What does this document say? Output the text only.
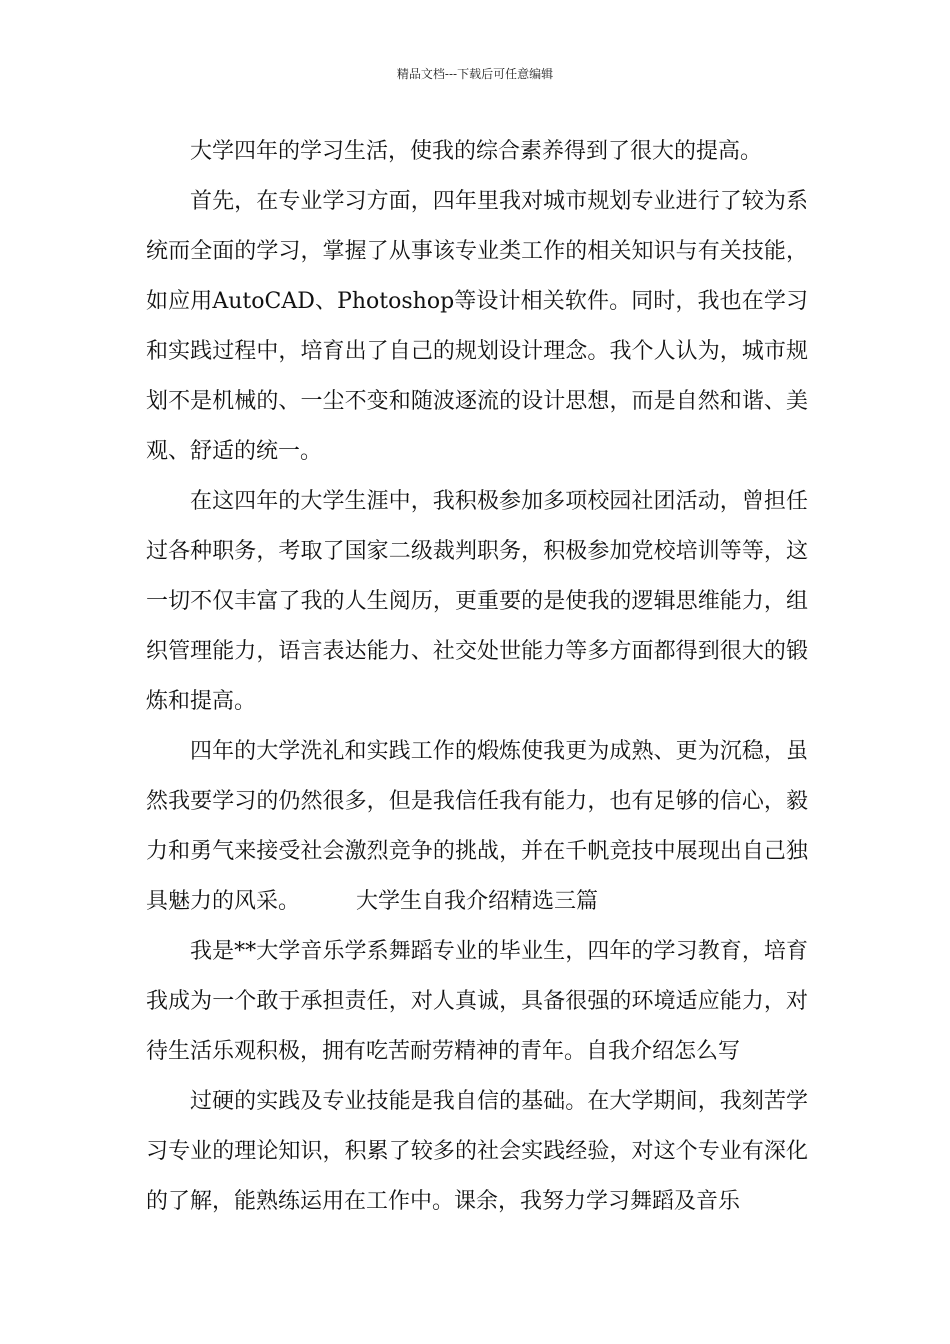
精品文档---下载后可任意编辑

大学四年的学习生活，使我的综合素养得到了很大的提高。

首先，在专业学习方面，四年里我对城市规划专业进行了较为系统而全面的学习，掌握了从事该专业类工作的相关知识与有关技能，如应用AutoCAD、Photoshop等设计相关软件。同时，我也在学习和实践过程中，培育出了自己的规划设计理念。我个人认为，城市规划不是机械的、一尘不变和随波逐流的设计思想，而是自然和谐、美观、舒适的统一。

在这四年的大学生涯中，我积极参加多项校园社团活动，曾担任过各种职务，考取了国家二级裁判职务，积极参加党校培训等等，这一切不仅丰富了我的人生阅历，更重要的是使我的逻辑思维能力，组织管理能力，语言表达能力、社交处世能力等多方面都得到很大的锻炼和提高。

四年的大学洗礼和实践工作的煅炼使我更为成熟、更为沉稳，虽然我要学习的仍然很多，但是我信任我有能力，也有足够的信心，毅力和勇气来接受社会激烈竞争的挑战，并在千帆竞技中展现出自己独具魅力的风采。	大学生自我介绍精选三篇

我是**大学音乐学系舞蹈专业的毕业生，四年的学习教育，培育我成为一个敢于承担责任，对人真诚，具备很强的环境适应能力，对待生活乐观积极，拥有吃苦耐劳精神的青年。自我介绍怎么写

过硬的实践及专业技能是我自信的基础。在大学期间，我刻苦学习专业的理论知识，积累了较多的社会实践经验，对这个专业有深化的了解，能熟练运用在工作中。课余，我努力学习舞蹈及音乐
